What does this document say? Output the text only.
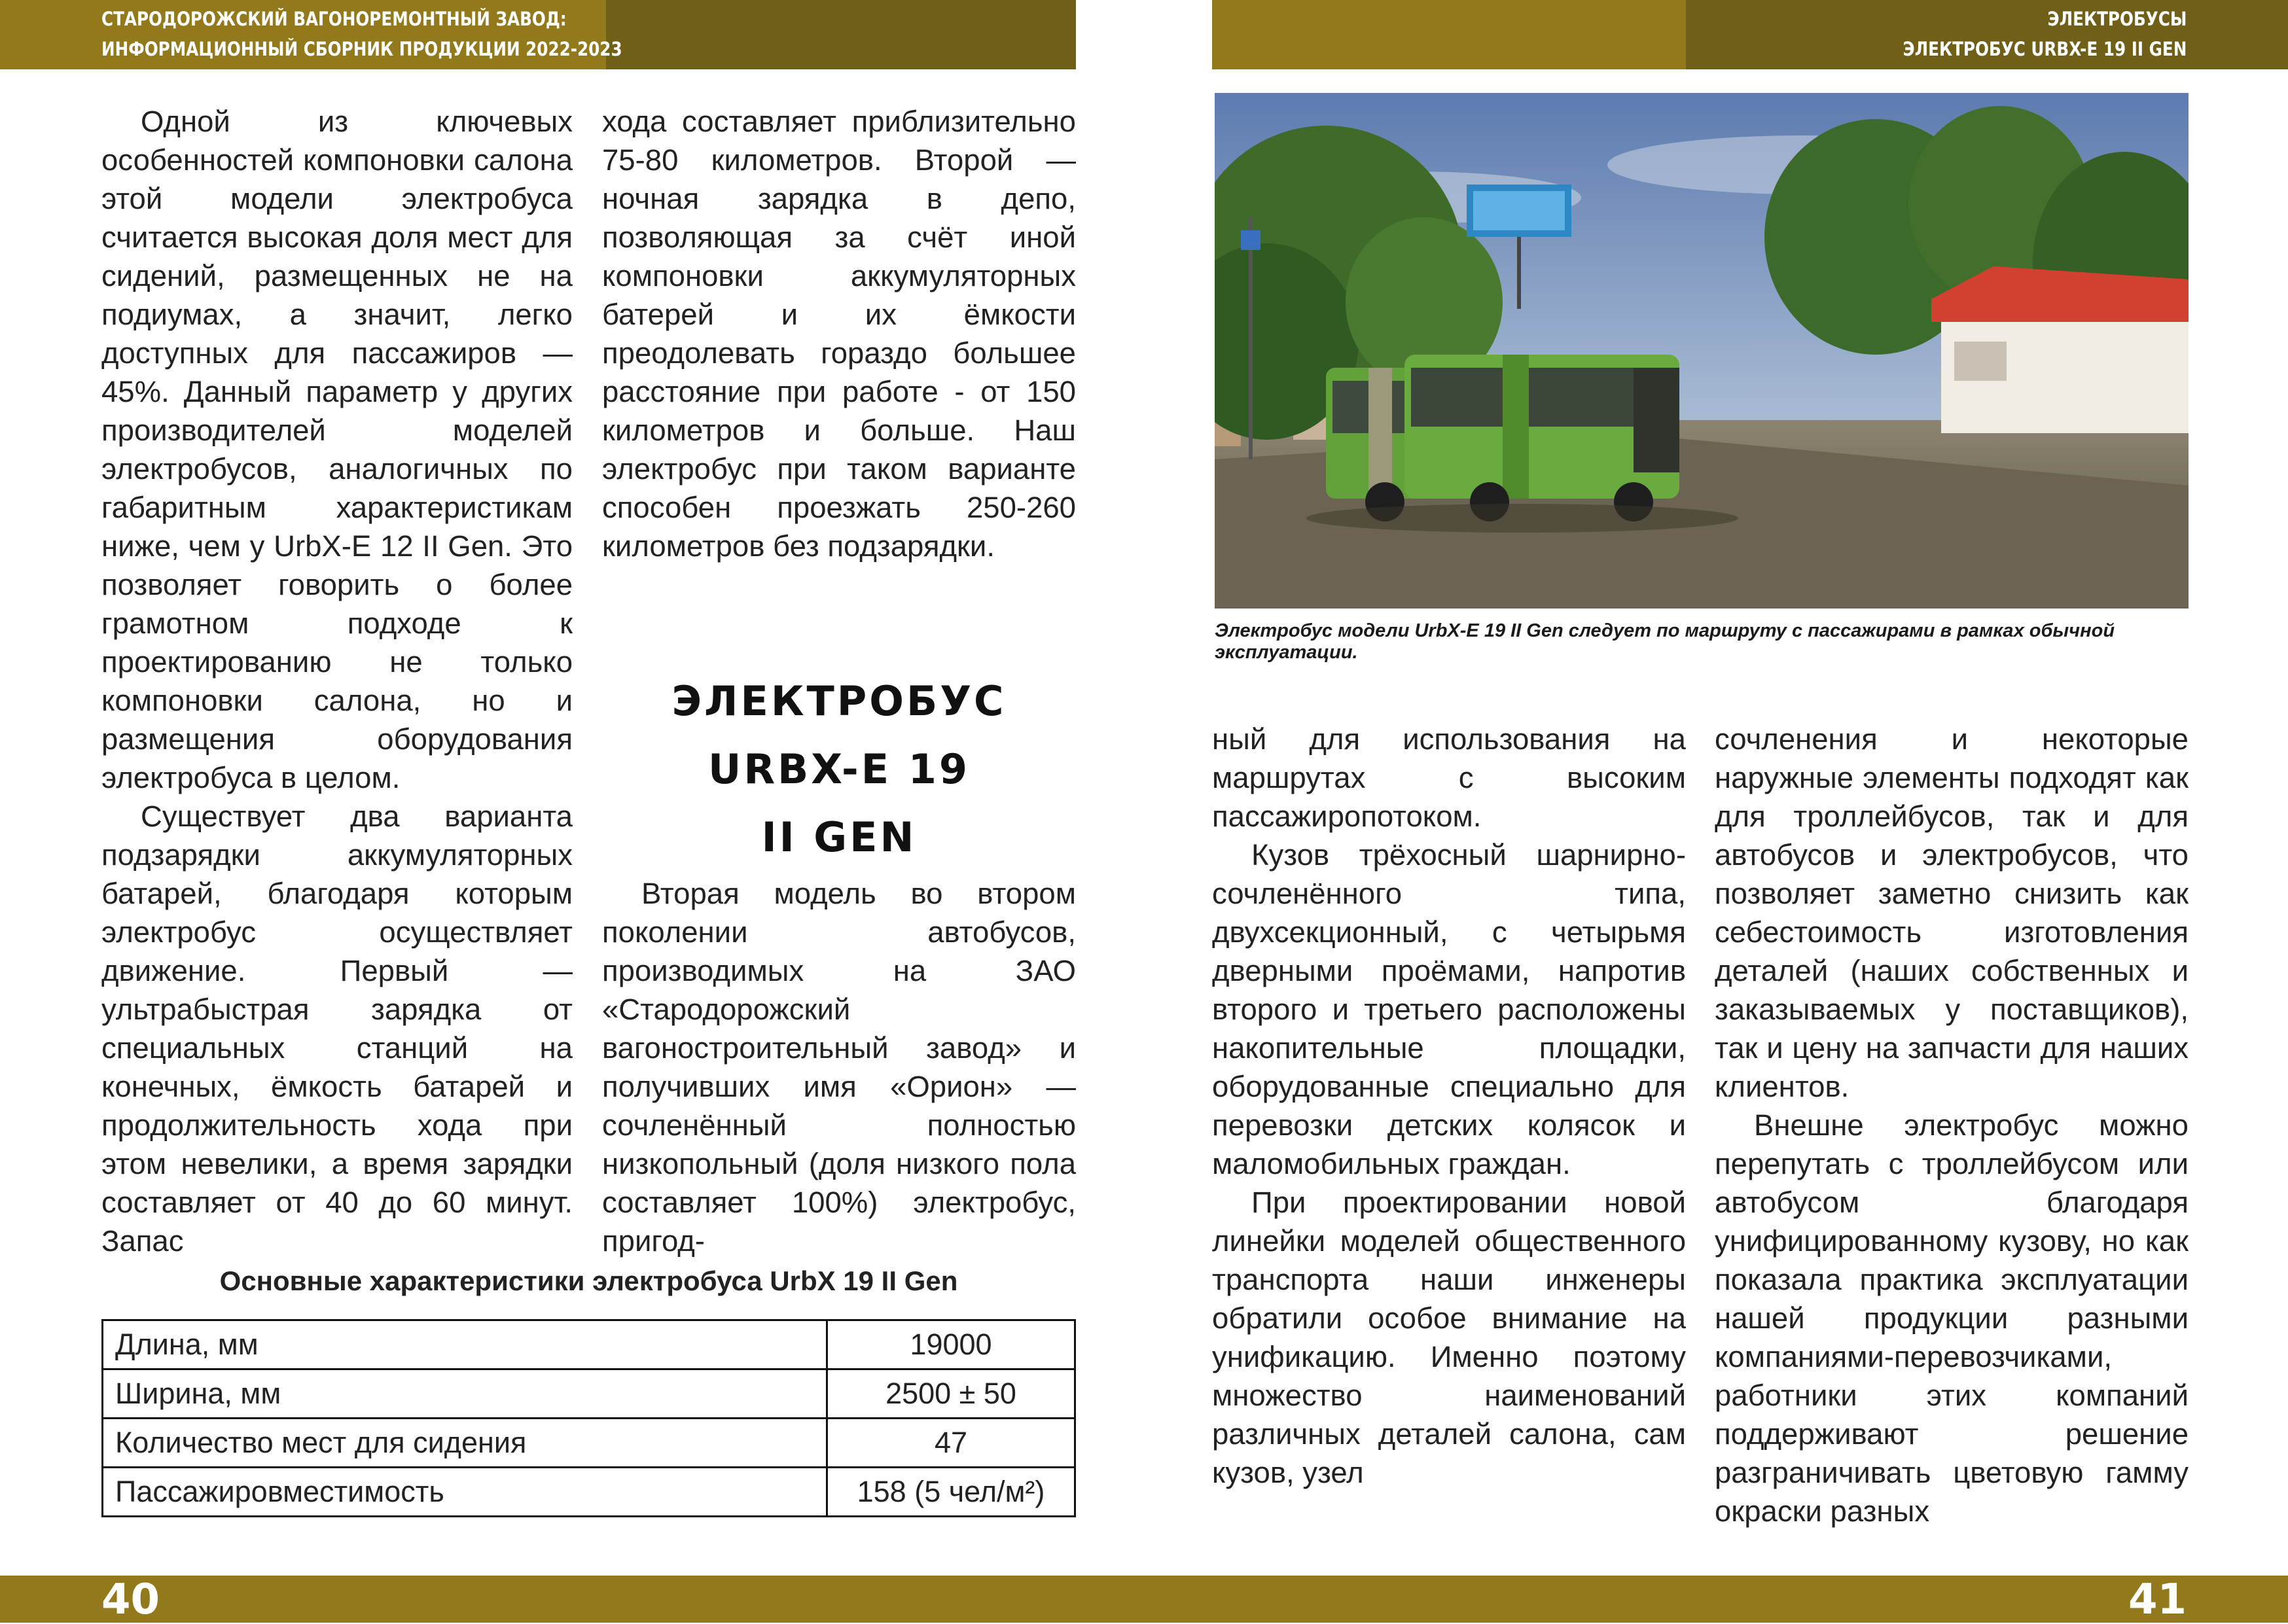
СТАРОДОРОЖСКИЙ ВАГОНОРЕМОНТНЫЙ ЗАВОД:
ИНФОРМАЦИОННЫЙ СБОРНИК ПРОДУКЦИИ 2022-2023
ЭЛЕКТРОБУСЫ
ЭЛЕКТРОБУС URBX-E 19 II GEN

Одной из ключевых особенностей компоновки салона этой модели электробуса считается высокая доля мест для сидений, размещенных не на подиумах, а значит, легко доступных для пассажиров — 45%. Данный параметр у других производителей моделей электробусов, аналогичных по габаритным характеристикам ниже, чем у UrbX-E 12 II Gen. Это позволяет говорить о более грамотном подходе к проектированию не только компоновки салона, но и размещения оборудования электробуса в целом.

Существует два варианта подзарядки аккумуляторных батарей, благодаря которым электробус осуществляет движение. Первый — ультрабыстрая зарядка от специальных станций на конечных, ёмкость батарей и продолжительность хода при этом невелики, а время зарядки составляет от 40 до 60 минут. Запас

хода составляет приблизительно 75-80 километров. Второй — ночная зарядка в депо, позволяющая за счёт иной компоновки аккумуляторных батерей и их ёмкости преодолевать гораздо большее расстояние при работе - от 150 километров и больше. Наш электробус при таком варианте способен проезжать 250-260 километров без подзарядки.

ЭЛЕКТРОБУС URBX-E 19
II GEN

Вторая модель во втором поколении автобусов, производимых на ЗАО «Стародорожский вагоностроительный завод» и получивших имя «Орион» — сочленённый полностью низкопольный (доля низкого пола составляет 100%) электробус, пригод-

Основные характеристики электробуса UrbX 19 II Gen
Длина, мм	19000
Ширина, мм	2500 ± 50
Количество мест для сидения	47
Пассажировместимость	158 (5 чел/м²)

Электробус модели UrbX-E 19 II Gen следует по маршруту с пассажирами в рамках обычной эксплуатации.

ный для использования на маршрутах с высоким пассажиропотоком.

Кузов трёхосный шарнирно-сочленённого типа, двухсекционный, с четырьмя дверными проёмами, напротив второго и третьего расположены накопительные площадки, оборудованные специально для перевозки детских колясок и маломобильных граждан.

При проектировании новой линейки моделей общественного транспорта наши инженеры обратили особое внимание на унификацию. Именно поэтому множество наименований различных деталей салона, сам кузов, узел

сочленения и некоторые наружные элементы подходят как для троллейбусов, так и для автобусов и электробусов, что позволяет заметно снизить как себестоимость изготовления деталей (наших собственных и заказываемых у поставщиков), так и цену на запчасти для наших клиентов.

Внешне электробус можно перепутать с троллейбусом или автобусом благодаря унифицированному кузову, но как показала практика эксплуатации нашей продукции разными компаниями-перевозчиками, работники этих компаний поддерживают решение разграничивать цветовую гамму окраски разных

40	41
